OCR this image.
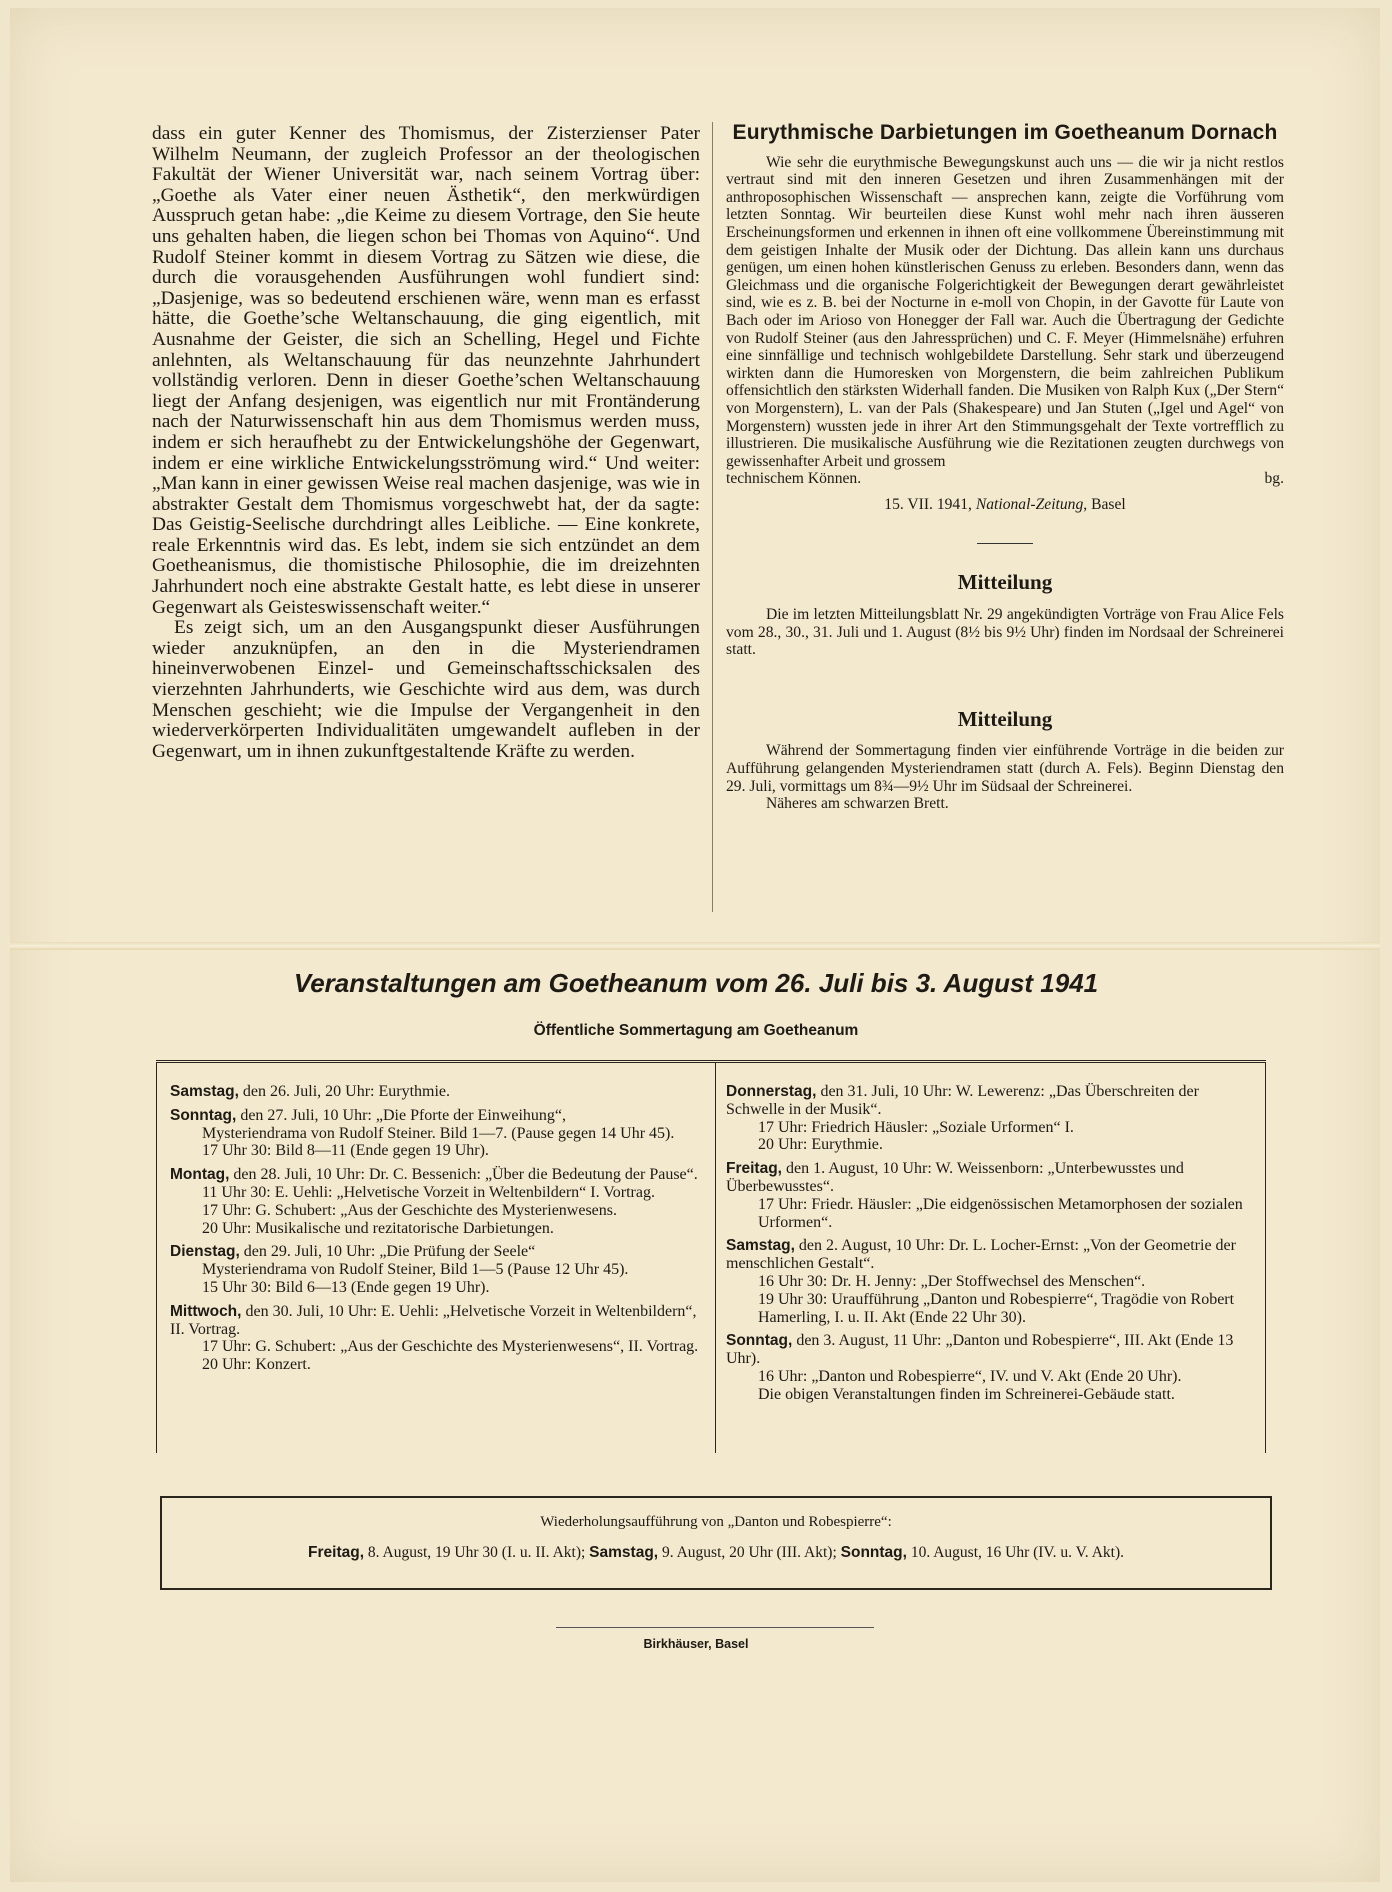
dass ein guter Kenner des Thomismus, der Zisterzienser Pater Wilhelm Neumann, der zugleich Professor an der theologischen Fakultät der Wiener Universität war, nach seinem Vortrag über: „Goethe als Vater einer neuen Ästhetik“, den merkwürdigen Ausspruch getan habe: „die Keime zu diesem Vortrage, den Sie heute uns gehalten haben, die liegen schon bei Thomas von Aquino“. Und Rudolf Steiner kommt in diesem Vortrag zu Sätzen wie diese, die durch die vorausgehenden Ausführungen wohl fundiert sind: „Dasjenige, was so bedeutend erschienen wäre, wenn man es erfasst hätte, die Goethe’sche Weltanschauung, die ging eigentlich, mit Ausnahme der Geister, die sich an Schelling, Hegel und Fichte anlehnten, als Weltanschauung für das neunzehnte Jahrhundert vollständig verloren. Denn in dieser Goethe’schen Weltanschauung liegt der Anfang desjenigen, was eigentlich nur mit Frontänderung nach der Naturwissenschaft hin aus dem Thomismus werden muss, indem er sich heraufhebt zu der Entwickelungshöhe der Gegenwart, indem er eine wirkliche Entwickelungsströmung wird.“ Und weiter: „Man kann in einer gewissen Weise real machen dasjenige, was wie in abstrakter Gestalt dem Thomismus vorgeschwebt hat, der da sagte: Das Geistig-Seelische durchdringt alles Leibliche. — Eine konkrete, reale Erkenntnis wird das. Es lebt, indem sie sich entzündet an dem Goetheanismus, die thomistische Philosophie, die im dreizehnten Jahrhundert noch eine abstrakte Gestalt hatte, es lebt diese in unserer Gegenwart als Geisteswissenschaft weiter.“

Es zeigt sich, um an den Ausgangspunkt dieser Ausführungen wieder anzuknüpfen, an den in die Mysteriendramen hineinverwobenen Einzel- und Gemeinschaftsschicksalen des vierzehnten Jahrhunderts, wie Geschichte wird aus dem, was durch Menschen geschieht; wie die Impulse der Vergangenheit in den wiederverkörperten Individualitäten umgewandelt aufleben in der Gegenwart, um in ihnen zukunftgestaltende Kräfte zu werden.

Eurythmische Darbietungen im Goetheanum Dornach

Wie sehr die eurythmische Bewegungskunst auch uns — die wir ja nicht restlos vertraut sind mit den inneren Gesetzen und ihren Zusammenhängen mit der anthroposophischen Wissenschaft — ansprechen kann, zeigte die Vorführung vom letzten Sonntag. Wir beurteilen diese Kunst wohl mehr nach ihren äusseren Erscheinungsformen und erkennen in ihnen oft eine vollkommene Übereinstimmung mit dem geistigen Inhalte der Musik oder der Dichtung. Das allein kann uns durchaus genügen, um einen hohen künstlerischen Genuss zu erleben. Besonders dann, wenn das Gleichmass und die organische Folgerichtigkeit der Bewegungen derart gewährleistet sind, wie es z. B. bei der Nocturne in e-moll von Chopin, in der Gavotte für Laute von Bach oder im Arioso von Honegger der Fall war. Auch die Übertragung der Gedichte von Rudolf Steiner (aus den Jahressprüchen) und C. F. Meyer (Himmelsnähe) erfuhren eine sinnfällige und technisch wohlgebildete Darstellung. Sehr stark und überzeugend wirkten dann die Humoresken von Morgenstern, die beim zahlreichen Publikum offensichtlich den stärksten Widerhall fanden. Die Musiken von Ralph Kux („Der Stern“ von Morgenstern), L. van der Pals (Shakespeare) und Jan Stuten („Igel und Agel“ von Morgenstern) wussten jede in ihrer Art den Stimmungsgehalt der Texte vortrefflich zu illustrieren. Die musikalische Ausführung wie die Rezitationen zeugten durchwegs von gewissenhafter Arbeit und grossem

technischem Können.	bg.
15. VII. 1941, National-Zeitung, Basel
Mitteilung

Die im letzten Mitteilungsblatt Nr. 29 angekündigten Vorträge von Frau Alice Fels vom 28., 30., 31. Juli und 1. August (8½ bis 9½ Uhr) finden im Nordsaal der Schreinerei statt.

Mitteilung

Während der Sommertagung finden vier einführende Vorträge in die beiden zur Aufführung gelangenden Mysteriendramen statt (durch A. Fels). Beginn Dienstag den 29. Juli, vormittags um 8¾—9½ Uhr im Südsaal der Schreinerei.

Näheres am schwarzen Brett.

Veranstaltungen am Goetheanum vom 26. Juli bis 3. August 1941
Öffentliche Sommertagung am Goetheanum

Samstag, den 26. Juli, 20 Uhr: Eurythmie.

Sonntag, den 27. Juli, 10 Uhr: „Die Pforte der Einweihung“,

Mysteriendrama von Rudolf Steiner. Bild 1—7. (Pause gegen 14 Uhr 45).

17 Uhr 30: Bild 8—11 (Ende gegen 19 Uhr).

Montag, den 28. Juli, 10 Uhr: Dr. C. Bessenich: „Über die Bedeutung der Pause“.

11 Uhr 30: E. Uehli: „Helvetische Vorzeit in Weltenbildern“ I. Vortrag.

17 Uhr: G. Schubert: „Aus der Geschichte des Mysterienwesens.

20 Uhr: Musikalische und rezitatorische Darbietungen.

Dienstag, den 29. Juli, 10 Uhr: „Die Prüfung der Seele“

Mysteriendrama von Rudolf Steiner, Bild 1—5 (Pause 12 Uhr 45).

15 Uhr 30: Bild 6—13 (Ende gegen 19 Uhr).

Mittwoch, den 30. Juli, 10 Uhr: E. Uehli: „Helvetische Vorzeit in Weltenbildern“, II. Vortrag.

17 Uhr: G. Schubert: „Aus der Geschichte des Mysterienwesens“, II. Vortrag.

20 Uhr: Konzert.

Donnerstag, den 31. Juli, 10 Uhr: W. Lewerenz: „Das Überschreiten der Schwelle in der Musik“.

17 Uhr: Friedrich Häusler: „Soziale Urformen“ I.

20 Uhr: Eurythmie.

Freitag, den 1. August, 10 Uhr: W. Weissenborn: „Unterbewusstes und Überbewusstes“.

17 Uhr: Friedr. Häusler: „Die eidgenössischen Metamorphosen der sozialen Urformen“.

Samstag, den 2. August, 10 Uhr: Dr. L. Locher-Ernst: „Von der Geometrie der menschlichen Gestalt“.

16 Uhr 30: Dr. H. Jenny: „Der Stoffwechsel des Menschen“.

19 Uhr 30: Uraufführung „Danton und Robespierre“, Tragödie von Robert Hamerling, I. u. II. Akt (Ende 22 Uhr 30).

Sonntag, den 3. August, 11 Uhr: „Danton und Robespierre“, III. Akt (Ende 13 Uhr).

16 Uhr: „Danton und Robespierre“, IV. und V. Akt (Ende 20 Uhr).

Die obigen Veranstaltungen finden im Schreinerei-Gebäude statt.

Wiederholungsaufführung von „Danton und Robespierre“:
Freitag, 8. August, 19 Uhr 30 (I. u. II. Akt); Samstag, 9. August, 20 Uhr (III. Akt); Sonntag, 10. August, 16 Uhr (IV. u. V. Akt).
Birkhäuser, Basel
